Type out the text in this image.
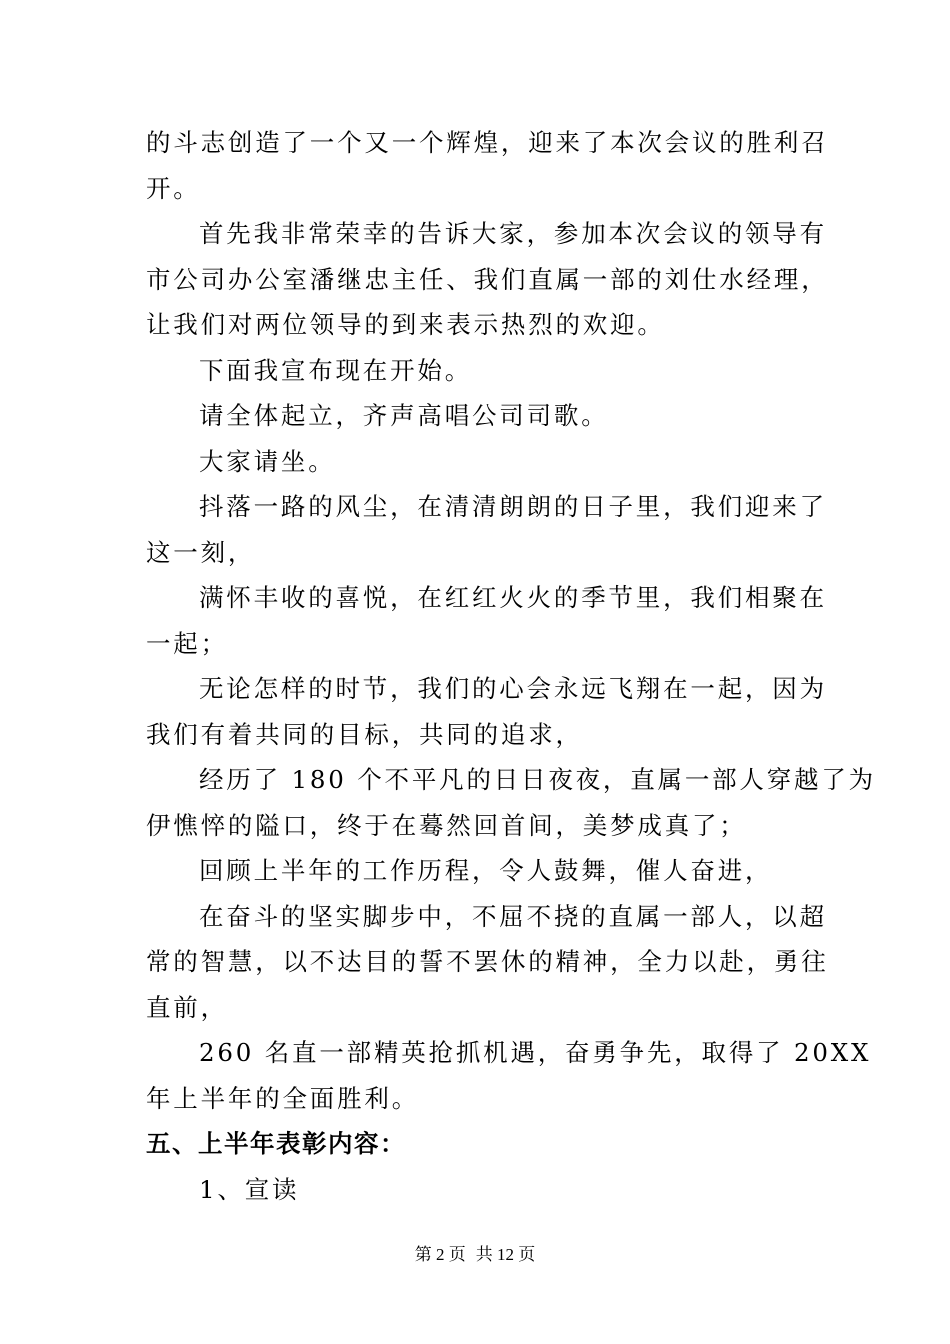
的斗志创造了一个又一个辉煌，迎来了本次会议的胜利召

开。

首先我非常荣幸的告诉大家，参加本次会议的领导有

市公司办公室潘继忠主任、我们直属一部的刘仕水经理，

让我们对两位领导的到来表示热烈的欢迎。

下面我宣布现在开始。

请全体起立，齐声高唱公司司歌。

大家请坐。

抖落一路的风尘，在清清朗朗的日子里，我们迎来了

这一刻，

满怀丰收的喜悦，在红红火火的季节里，我们相聚在

一起；

无论怎样的时节，我们的心会永远飞翔在一起，因为

我们有着共同的目标，共同的追求，

经历了 180 个不平凡的日日夜夜，直属一部人穿越了为

伊憔悴的隘口，终于在蓦然回首间，美梦成真了；

回顾上半年的工作历程，令人鼓舞，催人奋进，

在奋斗的坚实脚步中，不屈不挠的直属一部人，以超

常的智慧，以不达目的誓不罢休的精神，全力以赴，勇往

直前，

260 名直一部精英抢抓机遇，奋勇争先，取得了 20XX

年上半年的全面胜利。

五、上半年表彰内容：

1、宣读

第 2 页 共 12 页
